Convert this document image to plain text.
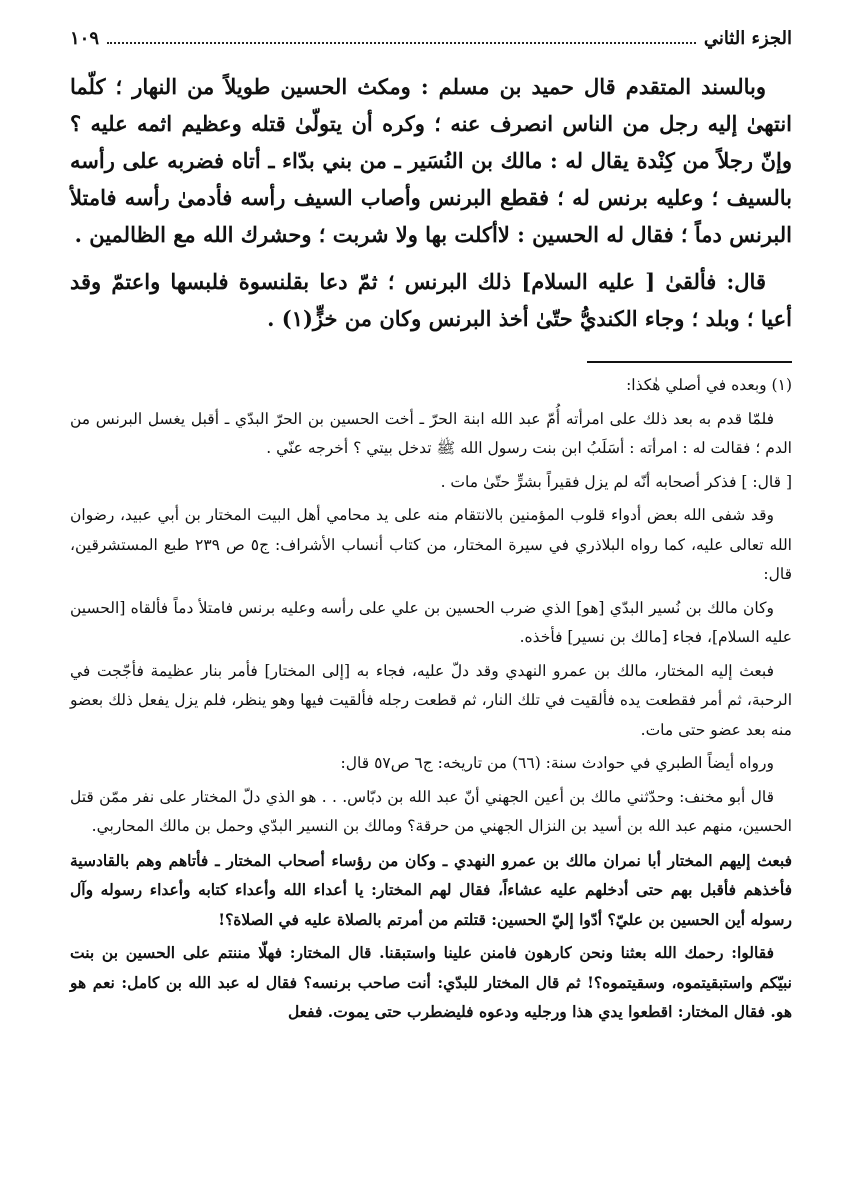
الجزء الثاني
١٠٩

وبالسند المتقدم قال حميد بن مسلم : ومكث الحسين طويلاً من النهار ؛ كلّما انتهىٰ إليه رجل من الناس انصرف عنه ؛ وكره أن يتولّىٰ قتله وعظيم اثمه عليه ؟ وإنّ رجلاً من كِنْدة يقال له : مالك بن النُسَير ـ من بني بدّاء ـ أتاه فضربه على رأسه بالسيف ؛ وعليه برنس له ؛ فقطع البرنس وأصاب السيف رأسه فأدمىٰ رأسه فامتلأ البرنس دماً ؛ فقال له الحسين : لاأكلت بها ولا شربت ؛ وحشرك الله مع الظالمين .

قال: فألقىٰ [ عليه السلام] ذلك البرنس ؛ ثمّ دعا بقلنسوة فلبسها واعتمّ وقد أعيا ؛ وبلد ؛ وجاء الكنديُّ حتّىٰ أخذ البرنس وكان من خزٍّ(١) .

(١) وبعده في أصلي هٰكذا:

فلمّا قدم به بعد ذلك على امرأته أُمّ عبد الله ابنة الحرّ ـ أخت الحسين بن الحرّ البدّي ـ أقبل يغسل البرنس من الدم ؛ فقالت له : امرأته : أسَلَبُ ابن بنت رسول الله ﷺ تدخل بيتي ؟ أخرجه عنّي .

[ قال: ] فذكر أصحابه أنّه لم يزل فقيراً بشرٍّ حتّىٰ مات .

وقد شفى الله بعض أدواء قلوب المؤمنين بالانتقام منه على يد محامي أهل البيت المختار بن أبي عبيد، رضوان الله تعالى عليه، كما رواه البلاذري في سيرة المختار، من كتاب أنساب الأشراف: ج٥ ص ٢٣٩ طبع المستشرقين، قال:

وكان مالك بن نُسير البدّي [هو] الذي ضرب الحسين بن علي على رأسه وعليه برنس فامتلأ دماً فألقاه [الحسين عليه السلام]، فجاء [مالك بن نسير] فأخذه.

فبعث إليه المختار، مالك بن عمرو النهدي وقد دلّ عليه، فجاء به [إلى المختار] فأمر بنار عظيمة فأجّجت في الرحبة، ثم أمر فقطعت يده فألقيت في تلك النار، ثم قطعت رجله فألقيت فيها وهو ينظر، فلم يزل يفعل ذلك بعضو منه بعد عضو حتى مات.

ورواه أيضاً الطبري في حوادث سنة: (٦٦) من تاريخه: ج٦ ص٥٧ قال:

قال أبو مخنف: وحدّثني مالك بن أعين الجهني أنّ عبد الله بن دبّاس. . . هو الذي دلّ المختار على نفر ممّن قتل الحسين، منهم عبد الله بن أسيد بن النزال الجهني من حرقة؟ ومالك بن النسير البدّي وحمل بن مالك المحاربي.

فبعث إليهم المختار أبا نمران مالك بن عمرو النهدي ـ وكان من رؤساء أصحاب المختار ـ فأتاهم وهم بالقادسية فأخذهم فأقبل بهم حتى أدخلهم عليه عشاءاً، فقال لهم المختار: يا أعداء الله وأعداء كتابه وأعداء رسوله وآل رسوله أين الحسين بن عليّ؟ أدّوا إليّ الحسين: قتلتم من أمرتم بالصلاة عليه في الصلاة؟!

فقالوا: رحمك الله بعثنا ونحن كارهون فامنن علينا واستبقنا. قال المختار: فهلّا مننتم على الحسين بن بنت نبيّكم واستبقيتموه، وسقيتموه؟! ثم قال المختار للبدّي: أنت صاحب برنسه؟ فقال له عبد الله بن كامل: نعم هو هو. فقال المختار: اقطعوا يدي هذا ورجليه ودعوه فليضطرب حتى يموت. ففعل
